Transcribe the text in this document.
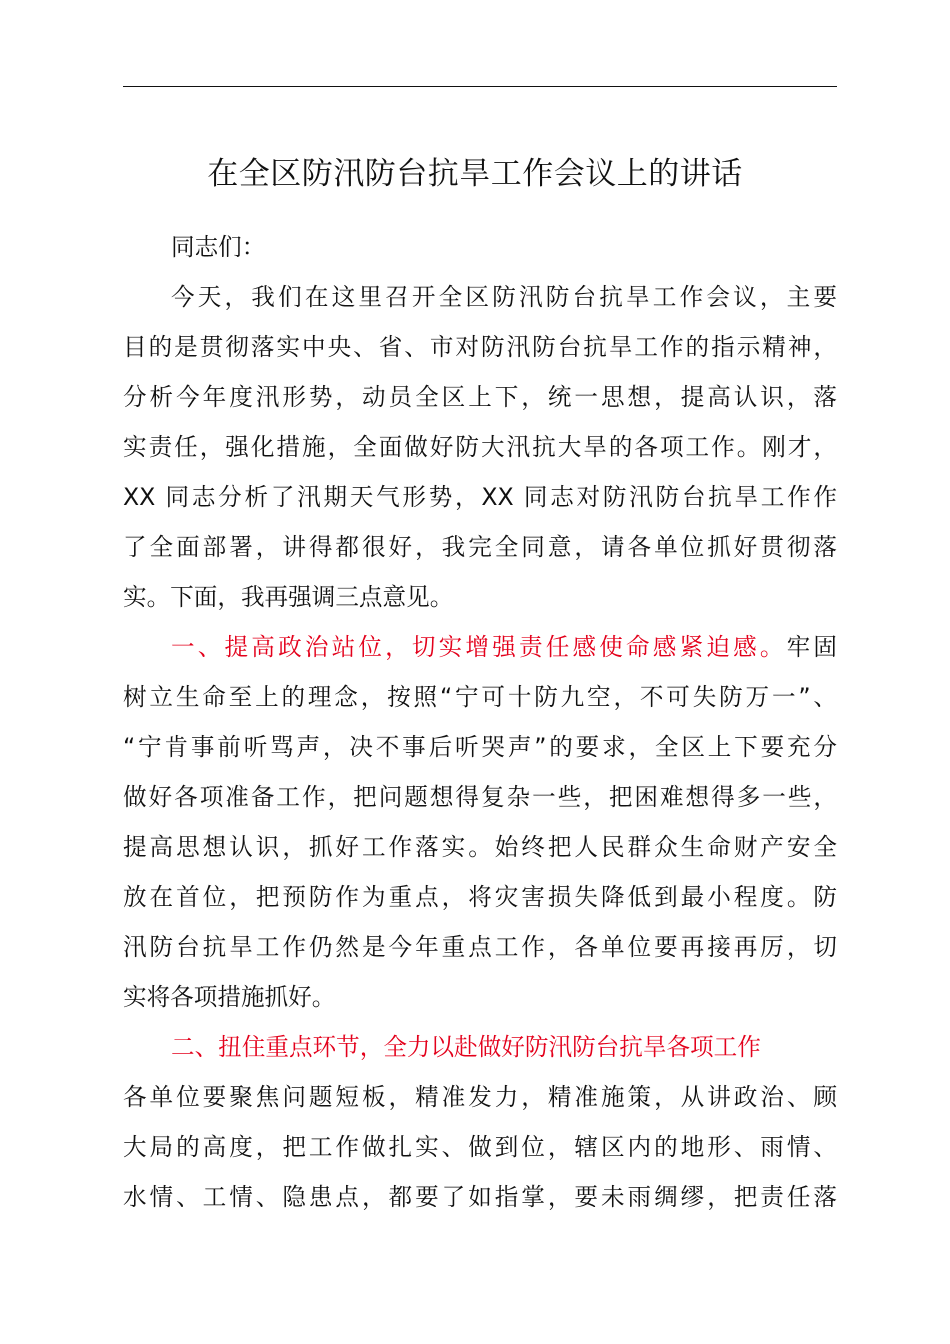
在全区防汛防台抗旱工作会议上的讲话

同志们：

今天，我们在这里召开全区防汛防台抗旱工作会议，主要

目的是贯彻落实中央、省、市对防汛防台抗旱工作的指示精神，

分析今年度汛形势，动员全区上下，统一思想，提高认识，落

实责任，强化措施，全面做好防大汛抗大旱的各项工作。刚才，

XX 同志分析了汛期天气形势，XX 同志对防汛防台抗旱工作作

了全面部署，讲得都很好，我完全同意，请各单位抓好贯彻落

实。下面，我再强调三点意见。

一、提高政治站位，切实增强责任感使命感紧迫感。牢固

树立生命至上的理念，按照“宁可十防九空，不可失防万一”、

“宁肯事前听骂声，决不事后听哭声”的要求，全区上下要充分

做好各项准备工作，把问题想得复杂一些，把困难想得多一些，

提高思想认识，抓好工作落实。始终把人民群众生命财产安全

放在首位，把预防作为重点，将灾害损失降低到最小程度。防

汛防台抗旱工作仍然是今年重点工作，各单位要再接再厉，切

实将各项措施抓好。

二、扭住重点环节，全力以赴做好防汛防台抗旱各项工作

各单位要聚焦问题短板，精准发力，精准施策，从讲政治、顾

大局的高度，把工作做扎实、做到位，辖区内的地形、雨情、

水情、工情、隐患点，都要了如指掌，要未雨绸缪，把责任落
